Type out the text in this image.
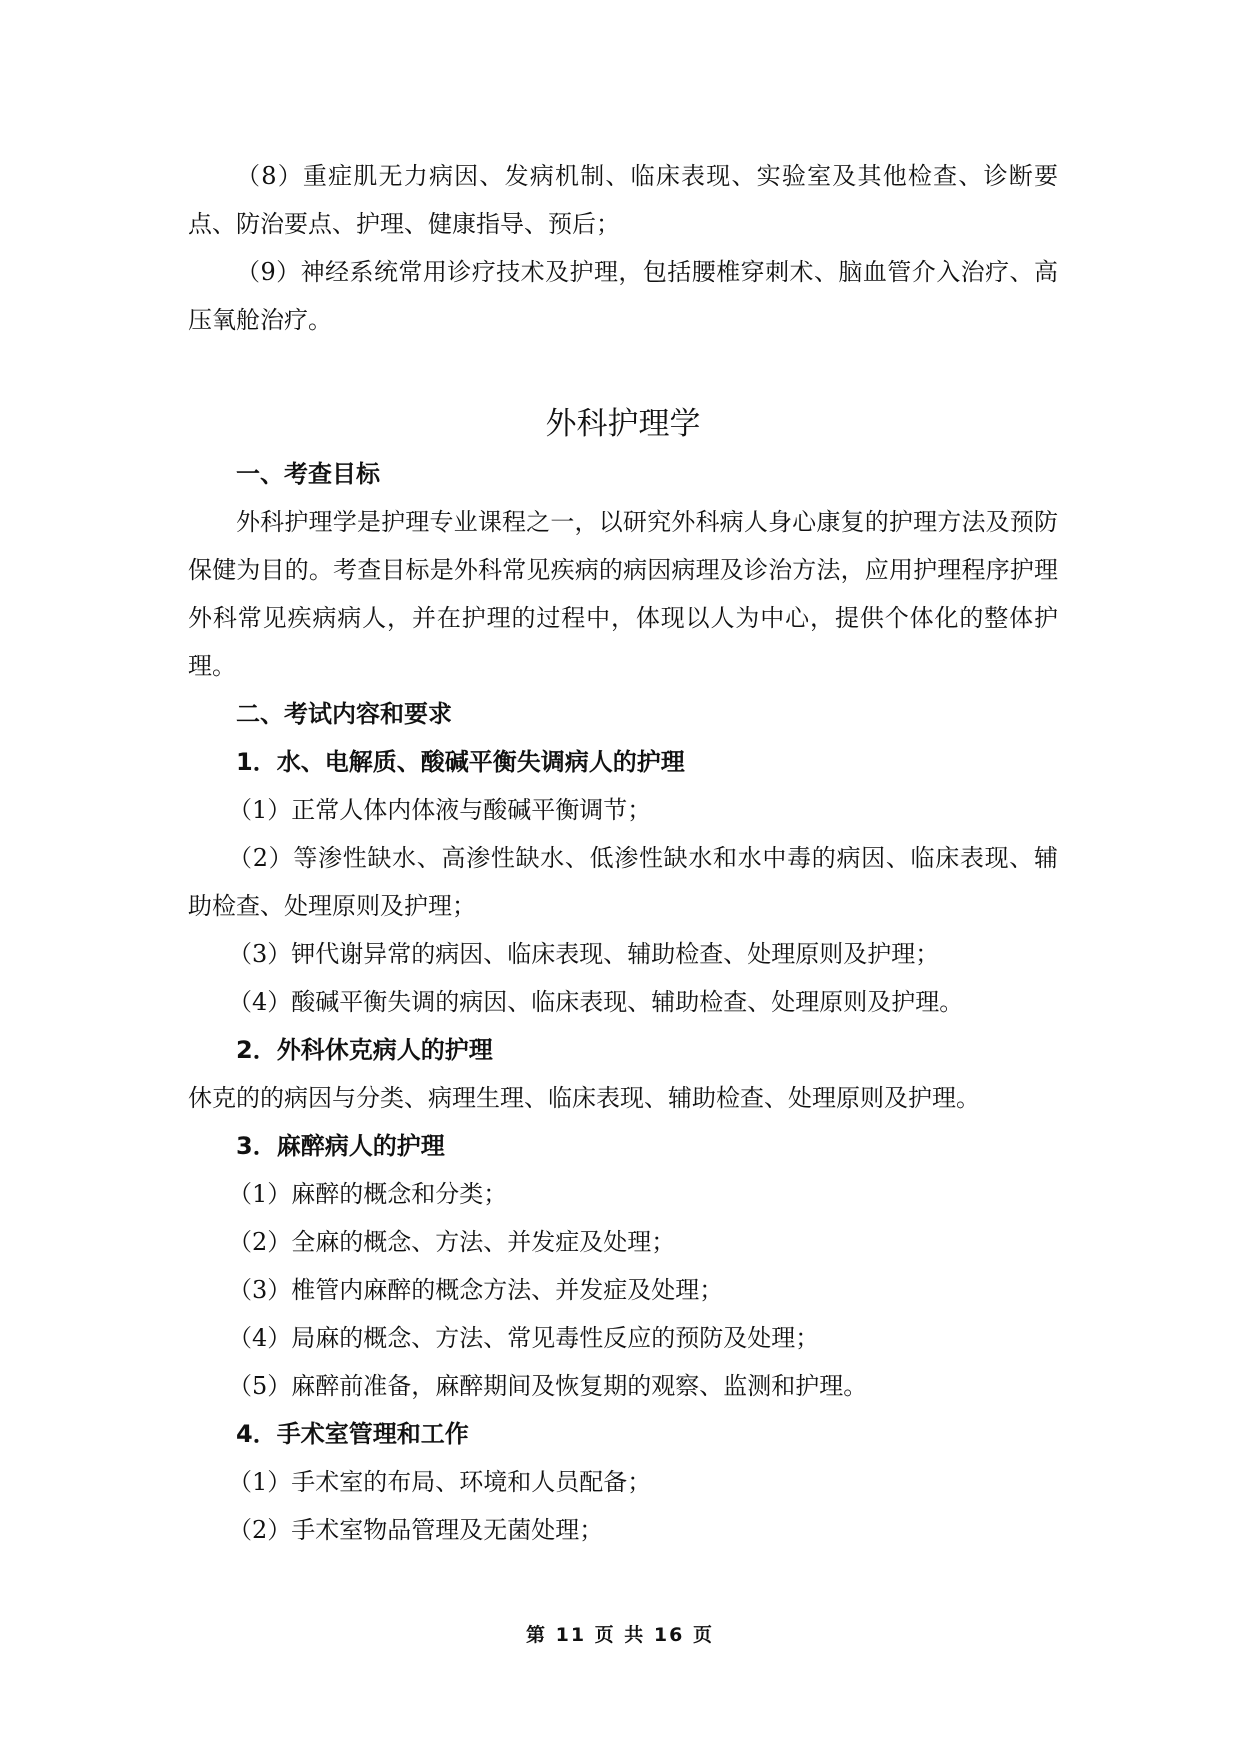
（8）重症肌无力病因、发病机制、临床表现、实验室及其他检查、诊断要点、防治要点、护理、健康指导、预后；

（9）神经系统常用诊疗技术及护理，包括腰椎穿刺术、脑血管介入治疗、高压氧舱治疗。

外科护理学

一、考查目标

外科护理学是护理专业课程之一，以研究外科病人身心康复的护理方法及预防保健为目的。考查目标是外科常见疾病的病因病理及诊治方法，应用护理程序护理外科常见疾病病人，并在护理的过程中，体现以人为中心，提供个体化的整体护理。

二、考试内容和要求

1．水、电解质、酸碱平衡失调病人的护理

（1）正常人体内体液与酸碱平衡调节；

（2）等渗性缺水、高渗性缺水、低渗性缺水和水中毒的病因、临床表现、辅助检查、处理原则及护理；

（3）钾代谢异常的病因、临床表现、辅助检查、处理原则及护理；

（4）酸碱平衡失调的病因、临床表现、辅助检查、处理原则及护理。

2．外科休克病人的护理

休克的的病因与分类、病理生理、临床表现、辅助检查、处理原则及护理。

3．麻醉病人的护理

（1）麻醉的概念和分类；

（2）全麻的概念、方法、并发症及处理；

（3）椎管内麻醉的概念方法、并发症及处理；

（4）局麻的概念、方法、常见毒性反应的预防及处理；

（5）麻醉前准备，麻醉期间及恢复期的观察、监测和护理。

4．手术室管理和工作

（1）手术室的布局、环境和人员配备；

（2）手术室物品管理及无菌处理；

第 11 页 共 16 页
